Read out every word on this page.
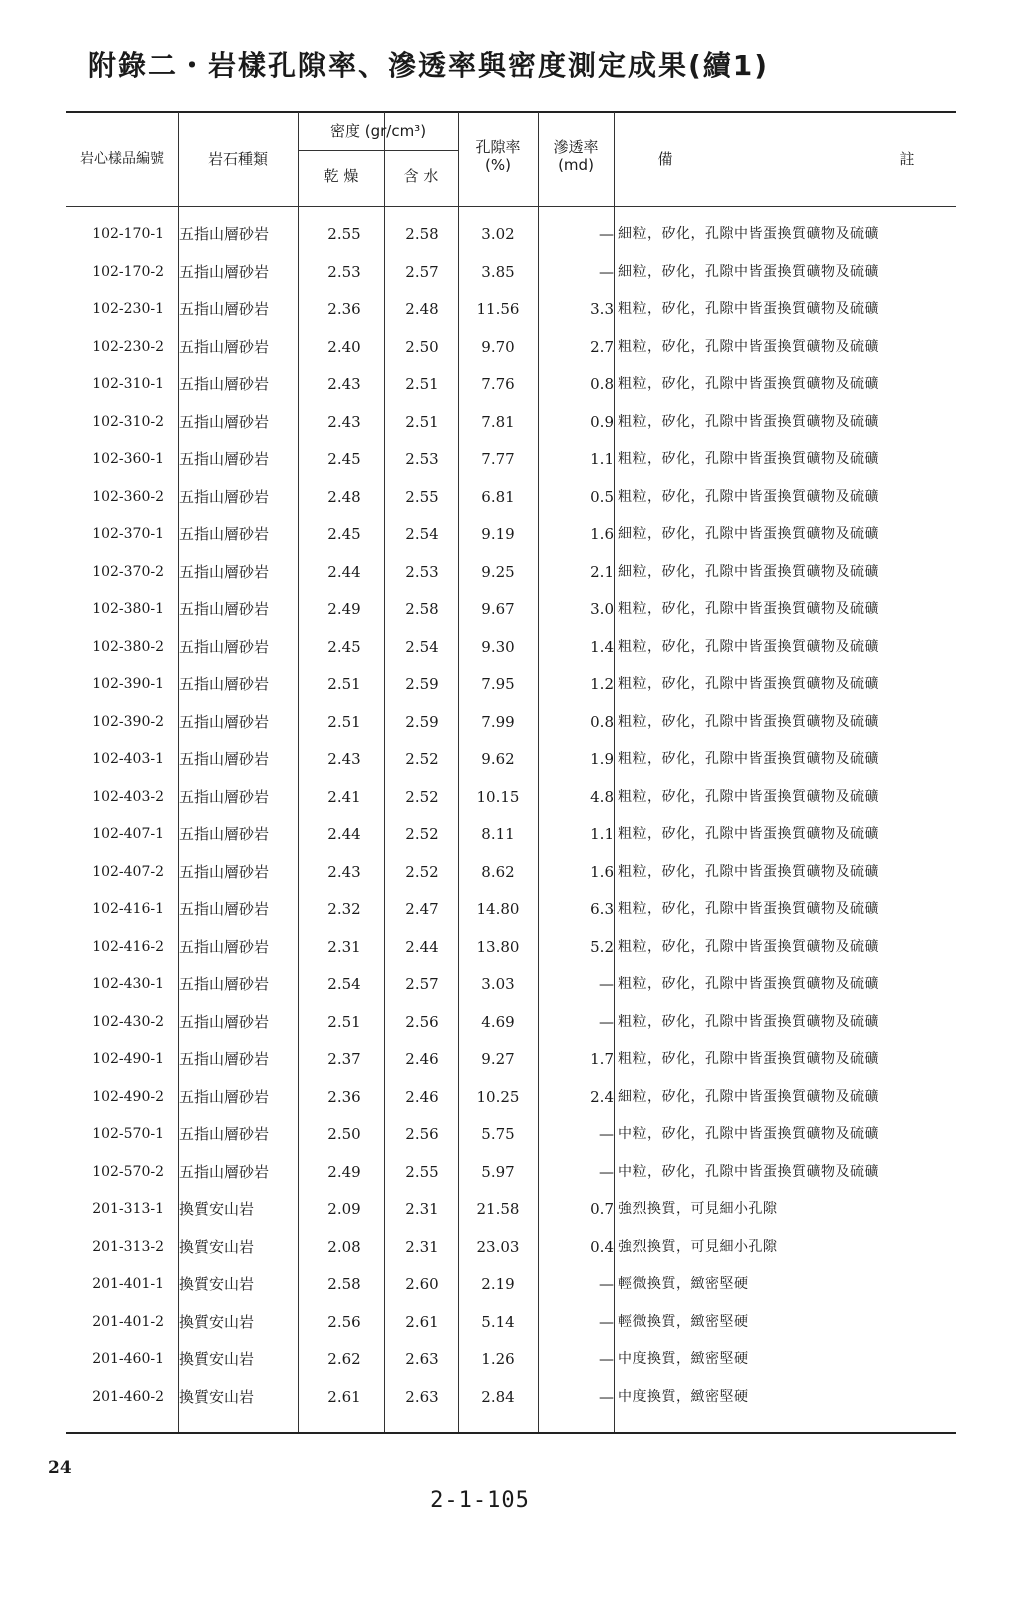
附錄二・岩樣孔隙率、滲透率與密度測定成果(續1)
岩心樣品編號	岩石種類
密度 (gr/cm³)
乾 燥	含 水
孔隙率
(%)
滲透率
(md)	備	註
102-170-1 五指山層砂岩	2.55	2.58	3.02	— 細粒，矽化，孔隙中皆蛋換質礦物及硫礦
102-170-2 五指山層砂岩	2.53	2.57	3.85	— 細粒，矽化，孔隙中皆蛋換質礦物及硫礦
102-230-1 五指山層砂岩	2.36	2.48	11.56	3.3 粗粒，矽化，孔隙中皆蛋換質礦物及硫礦
102-230-2 五指山層砂岩	2.40	2.50	9.70	2.7 粗粒，矽化，孔隙中皆蛋換質礦物及硫礦
102-310-1 五指山層砂岩	2.43	2.51	7.76	0.8 粗粒，矽化，孔隙中皆蛋換質礦物及硫礦
102-310-2 五指山層砂岩	2.43	2.51	7.81	0.9 粗粒，矽化，孔隙中皆蛋換質礦物及硫礦
102-360-1 五指山層砂岩	2.45	2.53	7.77	1.1 粗粒，矽化，孔隙中皆蛋換質礦物及硫礦
102-360-2 五指山層砂岩	2.48	2.55	6.81	0.5 粗粒，矽化，孔隙中皆蛋換質礦物及硫礦
102-370-1 五指山層砂岩	2.45	2.54	9.19	1.6 細粒，矽化，孔隙中皆蛋換質礦物及硫礦
102-370-2 五指山層砂岩	2.44	2.53	9.25	2.1 細粒，矽化，孔隙中皆蛋換質礦物及硫礦
102-380-1 五指山層砂岩	2.49	2.58	9.67	3.0 粗粒，矽化，孔隙中皆蛋換質礦物及硫礦
102-380-2 五指山層砂岩	2.45	2.54	9.30	1.4 粗粒，矽化，孔隙中皆蛋換質礦物及硫礦
102-390-1 五指山層砂岩	2.51	2.59	7.95	1.2 粗粒，矽化，孔隙中皆蛋換質礦物及硫礦
102-390-2 五指山層砂岩	2.51	2.59	7.99	0.8 粗粒，矽化，孔隙中皆蛋換質礦物及硫礦
102-403-1 五指山層砂岩	2.43	2.52	9.62	1.9 粗粒，矽化，孔隙中皆蛋換質礦物及硫礦
102-403-2 五指山層砂岩	2.41	2.52	10.15	4.8 粗粒，矽化，孔隙中皆蛋換質礦物及硫礦
102-407-1 五指山層砂岩	2.44	2.52	8.11	1.1 粗粒，矽化，孔隙中皆蛋換質礦物及硫礦
102-407-2 五指山層砂岩	2.43	2.52	8.62	1.6 粗粒，矽化，孔隙中皆蛋換質礦物及硫礦
102-416-1 五指山層砂岩	2.32	2.47	14.80	6.3 粗粒，矽化，孔隙中皆蛋換質礦物及硫礦
102-416-2 五指山層砂岩	2.31	2.44	13.80	5.2 粗粒，矽化，孔隙中皆蛋換質礦物及硫礦
102-430-1 五指山層砂岩	2.54	2.57	3.03	— 粗粒，矽化，孔隙中皆蛋換質礦物及硫礦
102-430-2 五指山層砂岩	2.51	2.56	4.69	— 粗粒，矽化，孔隙中皆蛋換質礦物及硫礦
102-490-1 五指山層砂岩	2.37	2.46	9.27	1.7 粗粒，矽化，孔隙中皆蛋換質礦物及硫礦
102-490-2 五指山層砂岩	2.36	2.46	10.25	2.4 細粒，矽化，孔隙中皆蛋換質礦物及硫礦
102-570-1 五指山層砂岩	2.50	2.56	5.75	— 中粒，矽化，孔隙中皆蛋換質礦物及硫礦
102-570-2 五指山層砂岩	2.49	2.55	5.97	— 中粒，矽化，孔隙中皆蛋換質礦物及硫礦
201-313-1 換質安山岩	2.09	2.31	21.58	0.7 強烈換質，可見細小孔隙
201-313-2 換質安山岩	2.08	2.31	23.03	0.4 強烈換質，可見細小孔隙
201-401-1 換質安山岩	2.58	2.60	2.19	— 輕微換質，緻密堅硬
201-401-2 換質安山岩	2.56	2.61	5.14	— 輕微換質，緻密堅硬
201-460-1 換質安山岩	2.62	2.63	1.26	— 中度換質，緻密堅硬
201-460-2 換質安山岩	2.61	2.63	2.84	— 中度換質，緻密堅硬
24
2-1-105
